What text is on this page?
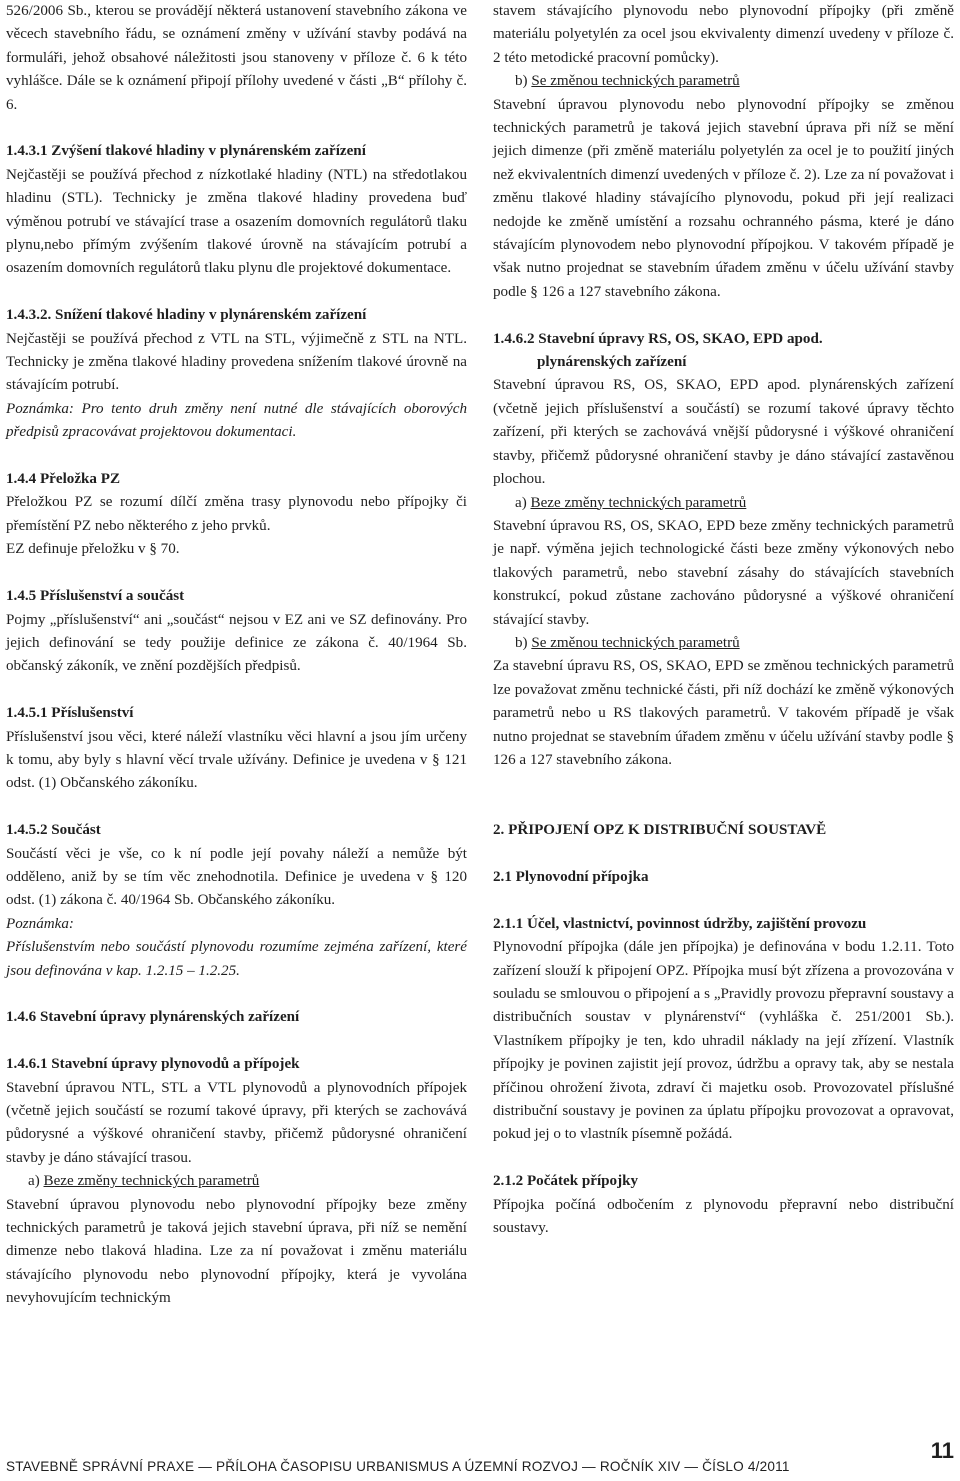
526/2006 Sb., kterou se provádějí některá ustanovení stavebního zákona ve věcech stavebního řádu, se oznámení změny v užívání stavby podává na formuláři, jehož obsahové náležitosti jsou stanoveny v příloze č. 6 k této vyhlášce. Dále se k oznámení připojí přílohy uvedené v části „B“ přílohy č. 6.

1.4.3.1 Zvýšení tlakové hladiny v plynárenském zařízení

Nejčastěji se používá přechod z nízkotlaké hladiny (NTL) na středotlakou hladinu (STL). Technicky je změna tlakové hladiny provedena buď výměnou potrubí ve stávající trase a osazením domovních regulátorů tlaku plynu,nebo přímým zvýšením tlakové úrovně na stávajícím potrubí a osazením domovních regulátorů tlaku plynu dle projektové dokumentace.

1.4.3.2. Snížení tlakové hladiny v plynárenském zařízení

Nejčastěji se používá přechod z VTL na STL, výjimečně z STL na NTL. Technicky je změna tlakové hladiny provedena snížením tlakové úrovně na stávajícím potrubí.

Poznámka: Pro tento druh změny není nutné dle stávajících oborových předpisů zpracovávat projektovou dokumentaci.

1.4.4 Přeložka PZ

Přeložkou PZ se rozumí dílčí změna trasy plynovodu nebo přípojky či přemístění PZ nebo některého z jeho prvků.

EZ definuje přeložku v § 70.

1.4.5 Příslušenství a součást

Pojmy „příslušenství“ ani „součást“ nejsou v EZ ani ve SZ definovány. Pro jejich definování se tedy použije definice ze zákona č. 40/1964 Sb. občanský zákoník, ve znění pozdějších předpisů.

1.4.5.1 Příslušenství

Příslušenství jsou věci, které náleží vlastníku věci hlavní a jsou jím určeny k tomu, aby byly s hlavní věcí trvale užívány. Definice je uvedena v § 121 odst. (1) Občanského zákoníku.

1.4.5.2 Součást

Součástí věci je vše, co k ní podle její povahy náleží a nemůže být odděleno, aniž by se tím věc znehodnotila. Definice je uvedena v § 120 odst. (1) zákona č. 40/1964 Sb. Občanského zákoníku.

Poznámka:

Příslušenstvím nebo součástí plynovodu rozumíme zejména zařízení, které jsou definována v kap. 1.2.15 – 1.2.25.

1.4.6 Stavební úpravy plynárenských zařízení

1.4.6.1 Stavební úpravy plynovodů a přípojek

Stavební úpravou NTL, STL a VTL plynovodů a plynovodních přípojek (včetně jejich součástí se rozumí takové úpravy, při kterých se zachovává půdorysné a výškové ohraničení stavby, přičemž půdorysné ohraničení stavby je dáno stávající trasou.

a) Beze změny technických parametrů

Stavební úpravou plynovodu nebo plynovodní přípojky beze změny technických parametrů je taková jejich stavební úprava, při níž se nemění dimenze nebo tlaková hladina. Lze za ní považovat i změnu materiálu stávajícího plynovodu nebo plynovodní přípojky, která je vyvolána nevyhovujícím technickým

stavem stávajícího plynovodu nebo plynovodní přípojky (při změně materiálu polyetylén za ocel jsou ekvivalenty dimenzí uvedeny v příloze č. 2 této metodické pracovní pomůcky).

b) Se změnou technických parametrů

Stavební úpravou plynovodu nebo plynovodní přípojky se změnou technických parametrů je taková jejich stavební úprava při níž se mění jejich dimenze (při změně materiálu polyetylén za ocel je to použití jiných než ekvivalentních dimenzí uvedených v příloze č. 2). Lze za ní považovat i změnu tlakové hladiny stávajícího plynovodu, pokud při její realizaci nedojde ke změně umístění a rozsahu ochranného pásma, které je dáno stávajícím plynovodem nebo plynovodní přípojkou. V takovém případě je však nutno projednat se stavebním úřadem změnu v účelu užívání stavby podle § 126 a 127 stavebního zákona.

1.4.6.2 Stavební úpravy RS, OS, SKAO, EPD apod.

plynárenských zařízení

Stavební úpravou RS, OS, SKAO, EPD apod. plynárenských zařízení (včetně jejich příslušenství a součástí) se rozumí takové úpravy těchto zařízení, při kterých se zachovává vnější půdorysné i výškové ohraničení stavby, přičemž půdorysné ohraničení stavby je dáno stávající zastavěnou plochou.

a) Beze změny technických parametrů

Stavební úpravou RS, OS, SKAO, EPD beze změny technických parametrů je např. výměna jejich technologické části beze změny výkonových nebo tlakových parametrů, nebo stavební zásahy do stávajících stavebních konstrukcí, pokud zůstane zachováno půdorysné a výškové ohraničení stávající stavby.

b) Se změnou technických parametrů

Za stavební úpravu RS, OS, SKAO, EPD se změnou technických parametrů lze považovat změnu technické části, při níž dochází ke změně výkonových parametrů nebo u RS tlakových parametrů. V takovém případě je však nutno projednat se stavebním úřadem změnu v účelu užívání stavby podle § 126 a 127 stavebního zákona.

2. PŘIPOJENÍ OPZ K DISTRIBUČNÍ SOUSTAVĚ

2.1 Plynovodní přípojka

2.1.1 Účel, vlastnictví, povinnost údržby, zajištění provozu

Plynovodní přípojka (dále jen přípojka) je definována v bodu 1.2.11. Toto zařízení slouží k připojení OPZ. Přípojka musí být zřízena a provozována v souladu se smlouvou o připojení a s „Pravidly provozu přepravní soustavy a distribučních soustav v plynárenství“ (vyhláška č. 251/2001 Sb.). Vlastníkem přípojky je ten, kdo uhradil náklady na její zřízení. Vlastník přípojky je povinen zajistit její provoz, údržbu a opravy tak, aby se nestala příčinou ohrožení života, zdraví či majetku osob. Provozovatel příslušné distribuční soustavy je povinen za úplatu přípojku provozovat a opravovat, pokud jej o to vlastník písemně požádá.

2.1.2 Počátek přípojky

Přípojka počíná odbočením z plynovodu přepravní nebo distribuční soustavy.

STAVEBNĚ SPRÁVNÍ PRAXE — PŘÍLOHA ČASOPISU URBANISMUS A ÚZEMNÍ ROZVOJ — ROČNÍK XIV — ČÍSLO 4/2011
11
